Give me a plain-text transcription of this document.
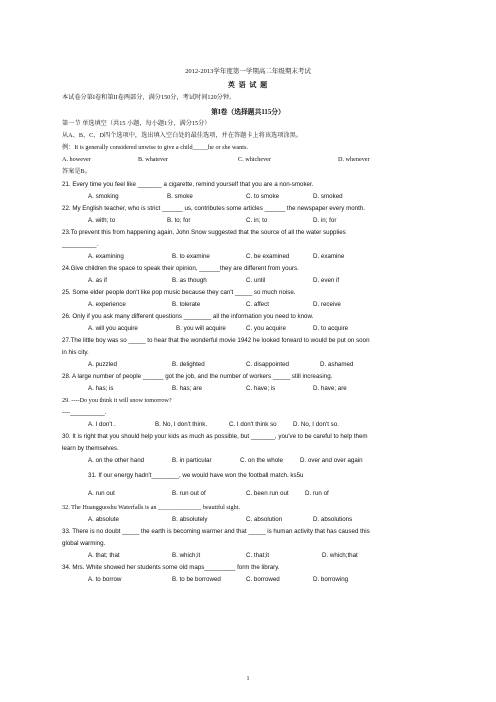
2012-2013学年度第一学期高二年级期末考试
英 语 试 题
本试卷分第I卷和第II卷两部分，满分150分，考试时间120分钟。
第I卷（选择题共115分）
第一节 单选填空（共15 小题，每小题1分，满分15分）
从A、B、C、D四个选项中，选出填入空白处的最佳选项，并在答题卡上将该选项涂黑。
例：It is generally considered unwise to give a child_____he or she wants.
A. however	B. whatever	C. whichever	D. whenever
答案是B。
21. Every time you feel like _______ a cigarette, remind yourself that you are a non-smoker.
A. smoking	B. smoke	C. to smoke	D. smoked
22. My English teacher, who is strict ______ us, contributes some articles ______ the newspaper every month.
A. with; to	B. to; for	C. in; to	D. in; for
23.To prevent this from happening again, John Snow suggested that the source of all the water supplies
__________.
A. examining	B. to examine	C. be examined	D. examine
24.Give children the space to speak their opinion, ______they are different from yours.
A. as if	B. as though	C. until	D. even if
25. Some elder people don't like pop music because they can't _____ so much noise.
A. experience	B. tolerate	C. affect	D. receive
26. Only if you ask many different questions ________ all the information you need to know.
A. will you acquire	B. you will acquire	C. you acquire	D. to acquire
27.The little boy was so _____ to hear that the wonderful movie 1942 he looked forward to would be put on soon
in his city.
A. puzzled	B. delighted	C. disappointed	D. ashamed
28. A large number of people ______ got the job, and the number of workers _____ still increasing.
A. has; is	B. has; are	C. have; is	D. have; are
29. ----Do you think it will snow tomorrow?
----__________.
A. I don't .	B. No, I don't think.	C. I don't think so	D. No, I don't so.
30. It is right that you should help your kids as much as possible, but _______, you've to be careful to help them
learn by themselves.
A. on the other hand	B. in particular	C. on the whole	D. over and over again
31. If our energy hadn't________, we would have won the football match. ks5u
A. run out	B. run out of	C. been run out	D. run of
32. The Huangguoshu Waterfalls is an ______________ beautiful sight.
A. absolute	B. absolutely	C. absolution	D. absolutions
33. There is no doubt _____ the earth is becoming warmer and that _____ is human activity that has caused this
global warming.
A. that; that	B. which;it	C. that;it	D. which;that
34. Mrs. White showed her students some old maps_________ form the library.
A. to borrow	B. to be borrowed	C. borrowed	D. borrowing
1
